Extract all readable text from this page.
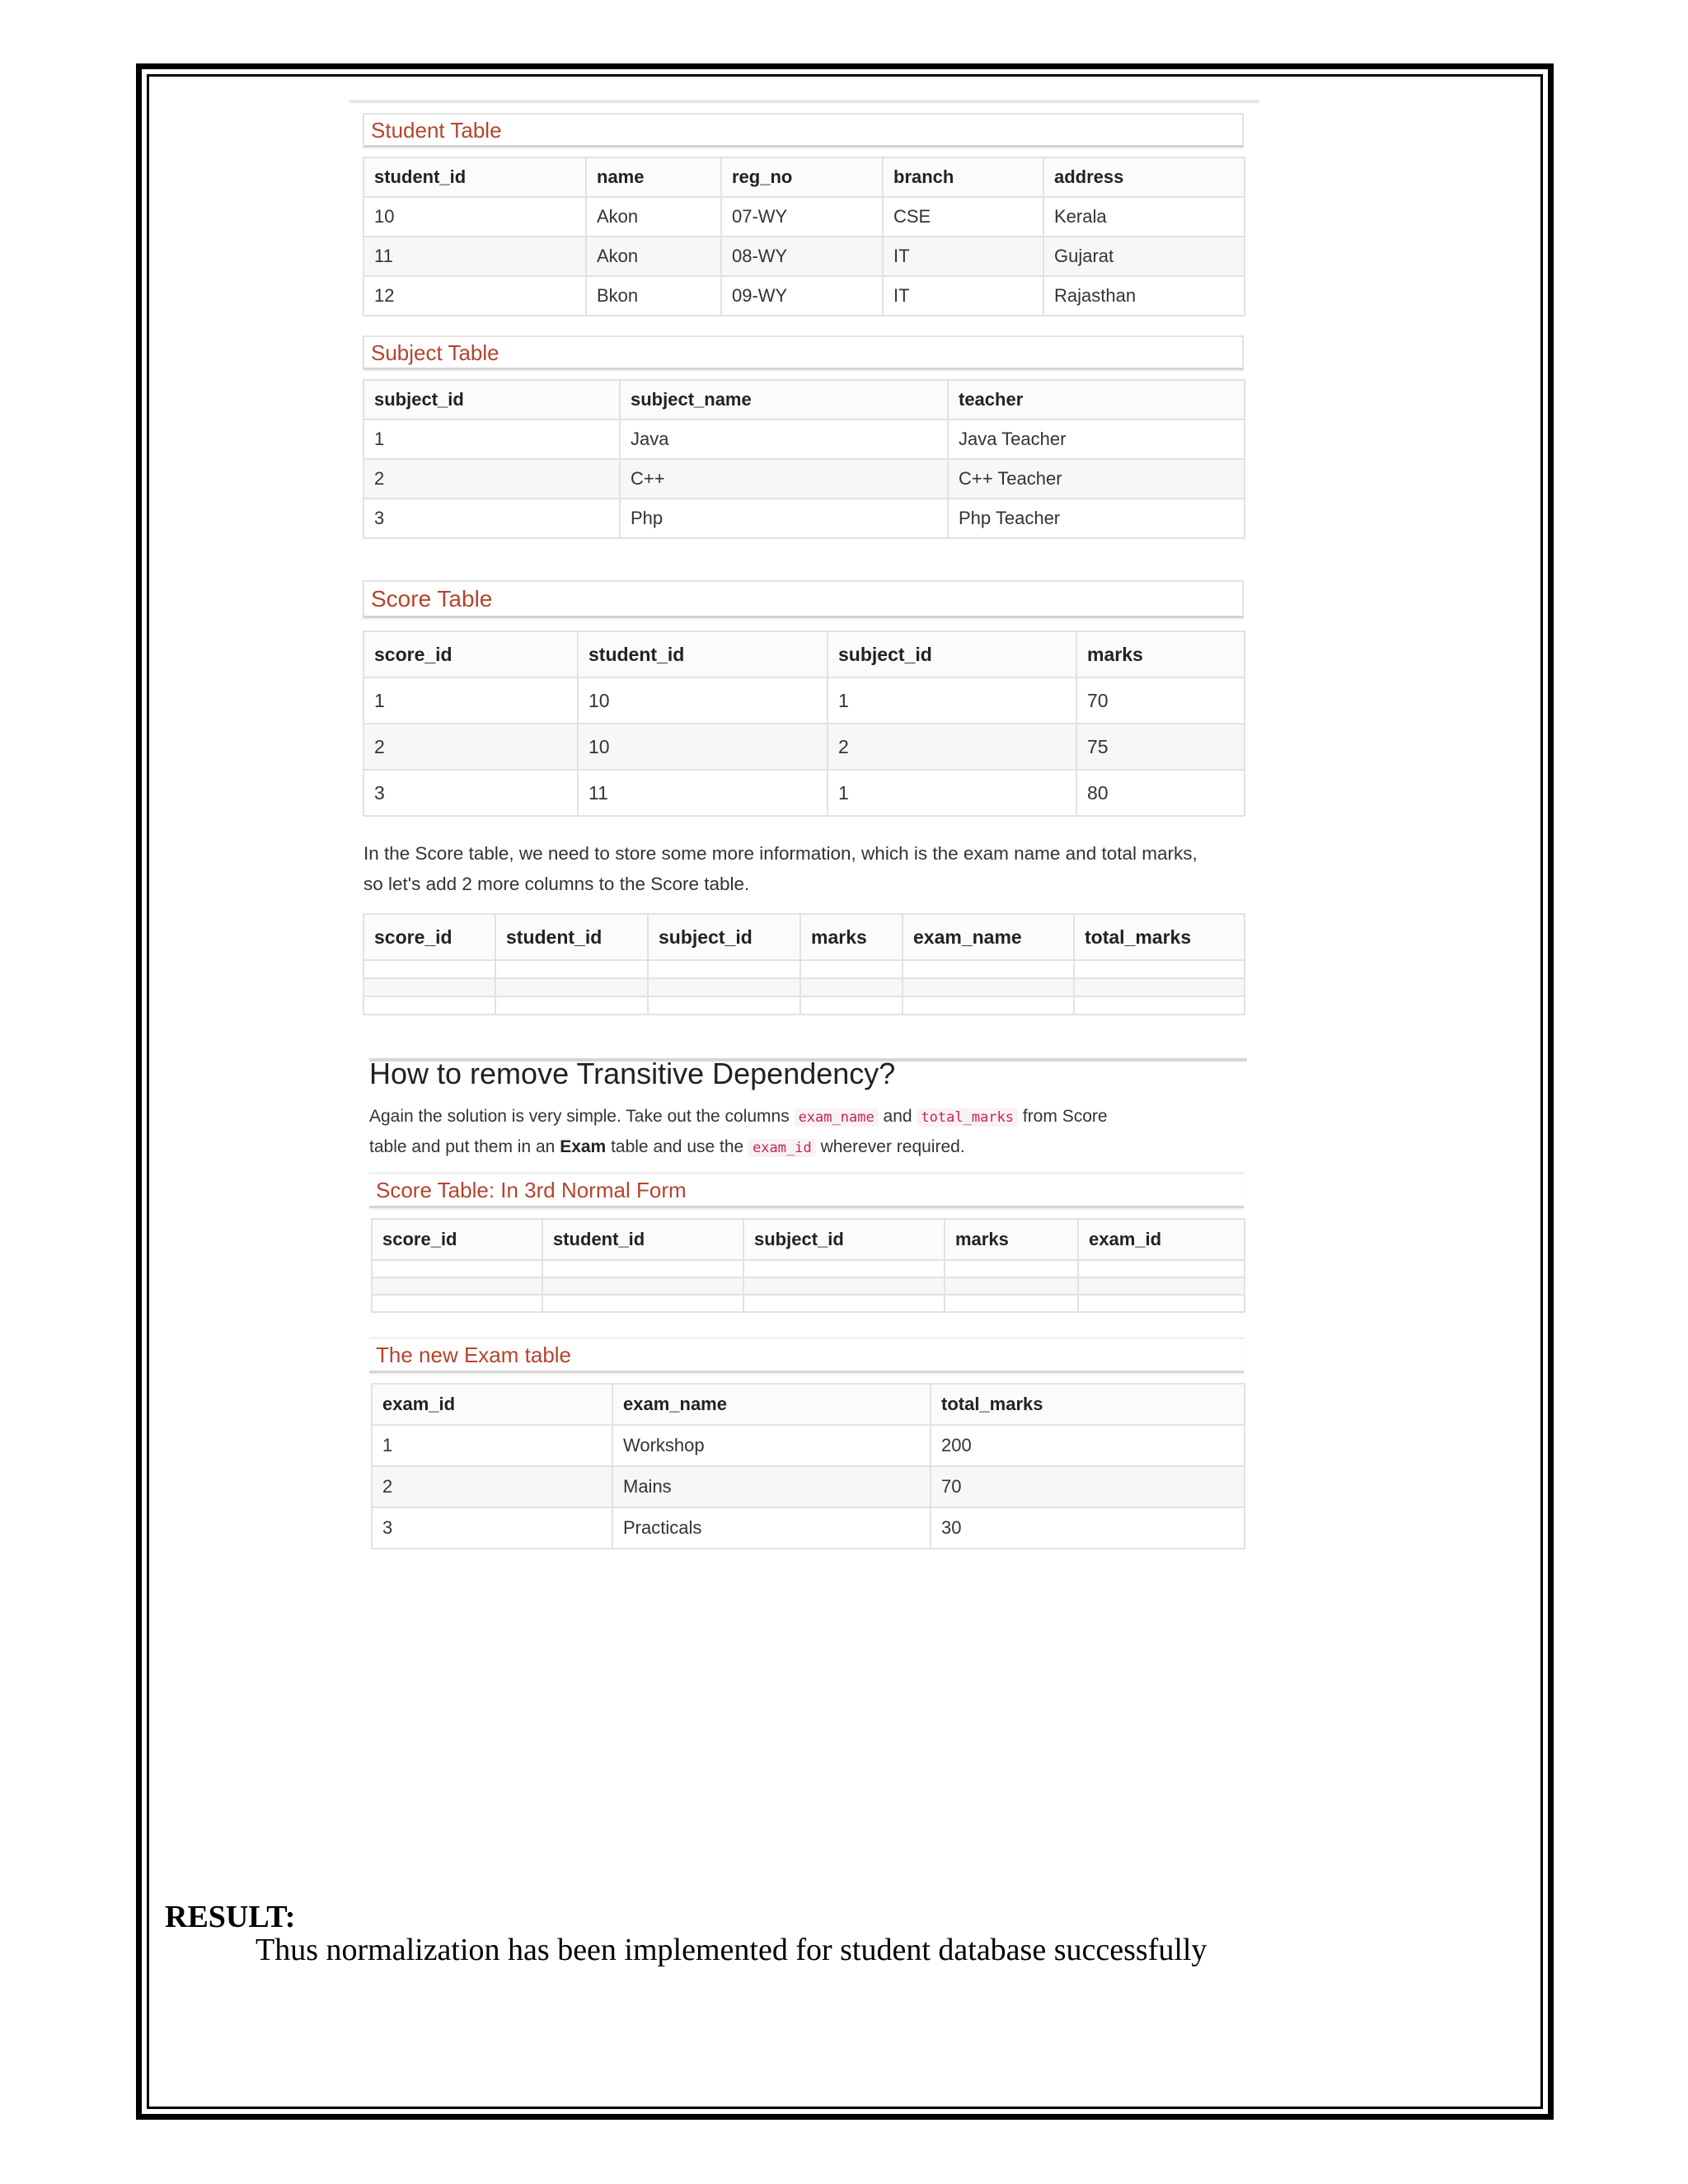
Student Table
student_id	name	reg_no	branch	address
10	Akon	07-WY	CSE	Kerala
11	Akon	08-WY	IT	Gujarat
12	Bkon	09-WY	IT	Rajasthan
Subject Table
subject_id	subject_name	teacher
1	Java	Java Teacher
2	C++	C++ Teacher
3	Php	Php Teacher
Score Table
score_id	student_id	subject_id	marks
1	10	1	70
2	10	2	75
3	11	1	80
In the Score table, we need to store some more information, which is the exam name and total marks,
so let's add 2 more columns to the Score table.
score_id	student_id	subject_id	marks	exam_name	total_marks

How to remove Transitive Dependency?
Again the solution is very simple. Take out the columns exam_name and total_marks from Score
table and put them in an Exam table and use the exam_id wherever required.
Score Table: In 3rd Normal Form
score_id	student_id	subject_id	marks	exam_id

The new Exam table
exam_id	exam_name	total_marks
1	Workshop	200
2	Mains	70
3	Practicals	30
RESULT:
Thus normalization has been implemented for student database successfully
